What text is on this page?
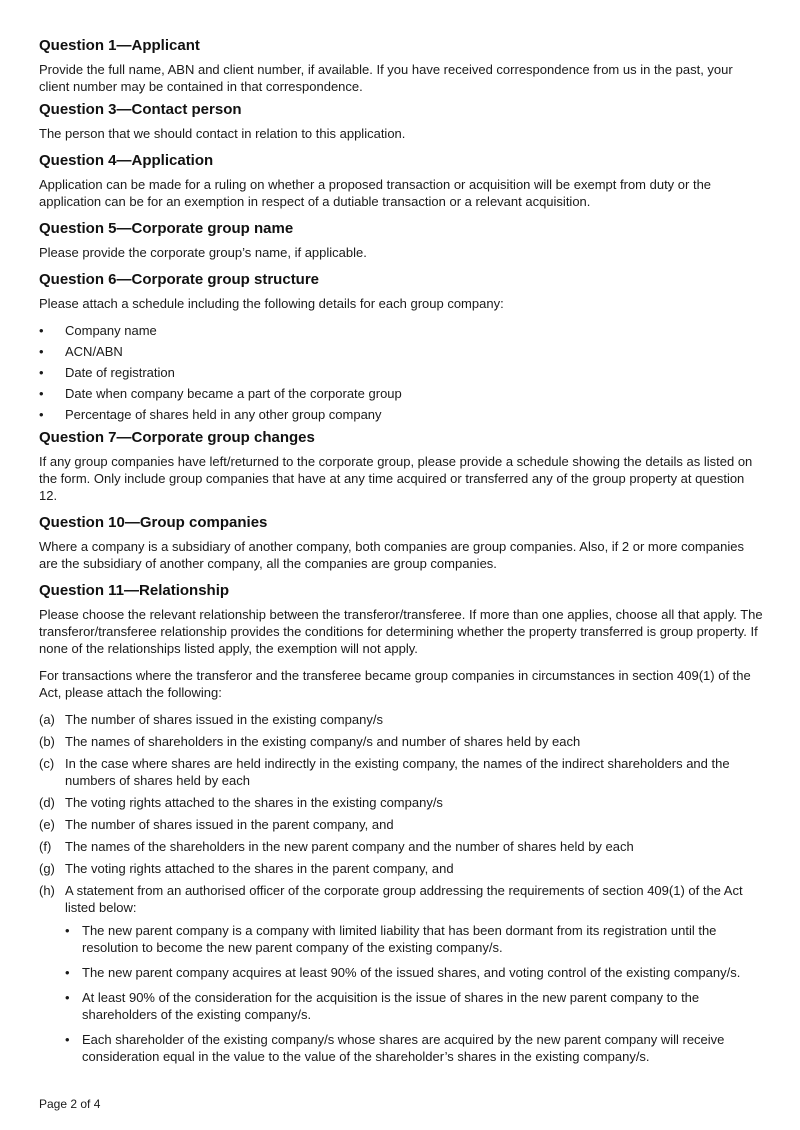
Question 1—Applicant

Provide the full name, ABN and client number, if available. If you have received correspondence from us in the past, your client number may be contained in that correspondence.

Question 3—Contact person

The person that we should contact in relation to this application.

Question 4—Application

Application can be made for a ruling on whether a proposed transaction or acquisition will be exempt from duty or the application can be for an exemption in respect of a dutiable transaction or a relevant acquisition.

Question 5—Corporate group name

Please provide the corporate group’s name, if applicable.

Question 6—Corporate group structure

Please attach a schedule including the following details for each group company:

•	Company name
•	ACN/ABN
•	Date of registration
•	Date when company became a part of the corporate group
•	Percentage of shares held in any other group company
Question 7—Corporate group changes

If any group companies have left/returned to the corporate group, please provide a schedule showing the details as listed on the form. Only include group companies that have at any time acquired or transferred any of the group property at question 12.

Question 10—Group companies

Where a company is a subsidiary of another company, both companies are group companies. Also, if 2 or more companies are the subsidiary of another company, all the companies are group companies.

Question 11—Relationship

Please choose the relevant relationship between the transferor/transferee. If more than one applies, choose all that apply. The transferor/transferee relationship provides the conditions for determining whether the property transferred is group property. If none of the relationships listed apply, the exemption will not apply.

For transactions where the transferor and the transferee became group companies in circumstances in section 409(1) of the Act, please attach the following:

(a) The number of shares issued in the existing company/s
(b) The names of shareholders in the existing company/s and number of shares held by each
(c) In the case where shares are held indirectly in the existing company, the names of the indirect shareholders and the numbers of shares held by each
(d) The voting rights attached to the shares in the existing company/s
(e) The number of shares issued in the parent company, and
(f) The names of the shareholders in the new parent company and the number of shares held by each
(g) The voting rights attached to the shares in the parent company, and
(h) A statement from an authorised officer of the corporate group addressing the requirements of section 409(1) of the Act listed below:
• The new parent company is a company with limited liability that has been dormant from its registration until the resolution to become the new parent company of the existing company/s.
• The new parent company acquires at least 90% of the issued shares, and voting control of the existing company/s.
• At least 90% of the consideration for the acquisition is the issue of shares in the new parent company to the shareholders of the existing company/s.
• Each shareholder of the existing company/s whose shares are acquired by the new parent company will receive consideration equal in the value to the value of the shareholder’s shares in the existing company/s.
Page 2 of 4
